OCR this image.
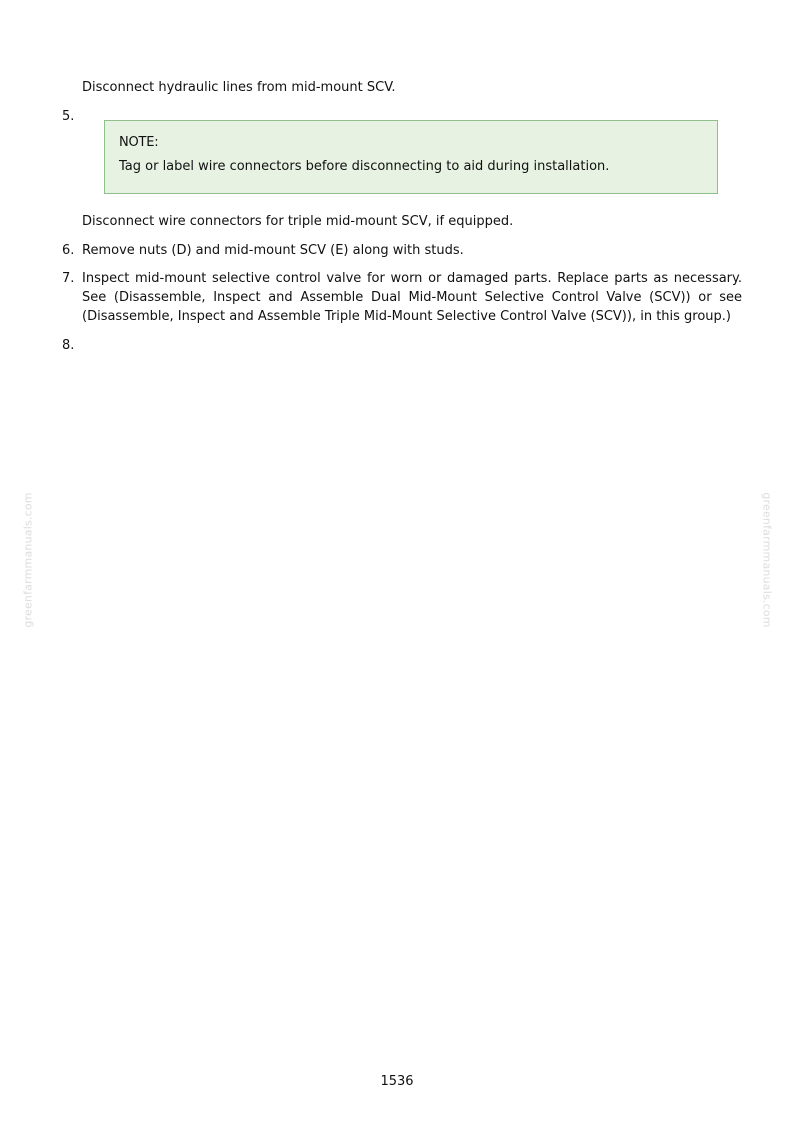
Disconnect hydraulic lines from mid-mount SCV.

5.

NOTE:

Tag or label wire connectors before disconnecting to aid during installation.

Disconnect wire connectors for triple mid-mount SCV, if equipped.

6. Remove nuts (D) and mid-mount SCV (E) along with studs.

7. Inspect mid-mount selective control valve for worn or damaged parts. Replace parts as necessary. See (Disassemble, Inspect and Assemble Dual Mid-Mount Selective Control Valve (SCV)) or see (Disassemble, Inspect and Assemble Triple Mid-Mount Selective Control Valve (SCV)), in this group.)

8.
greenfarmmanuals.com	greenfarmmanuals.com

1536
